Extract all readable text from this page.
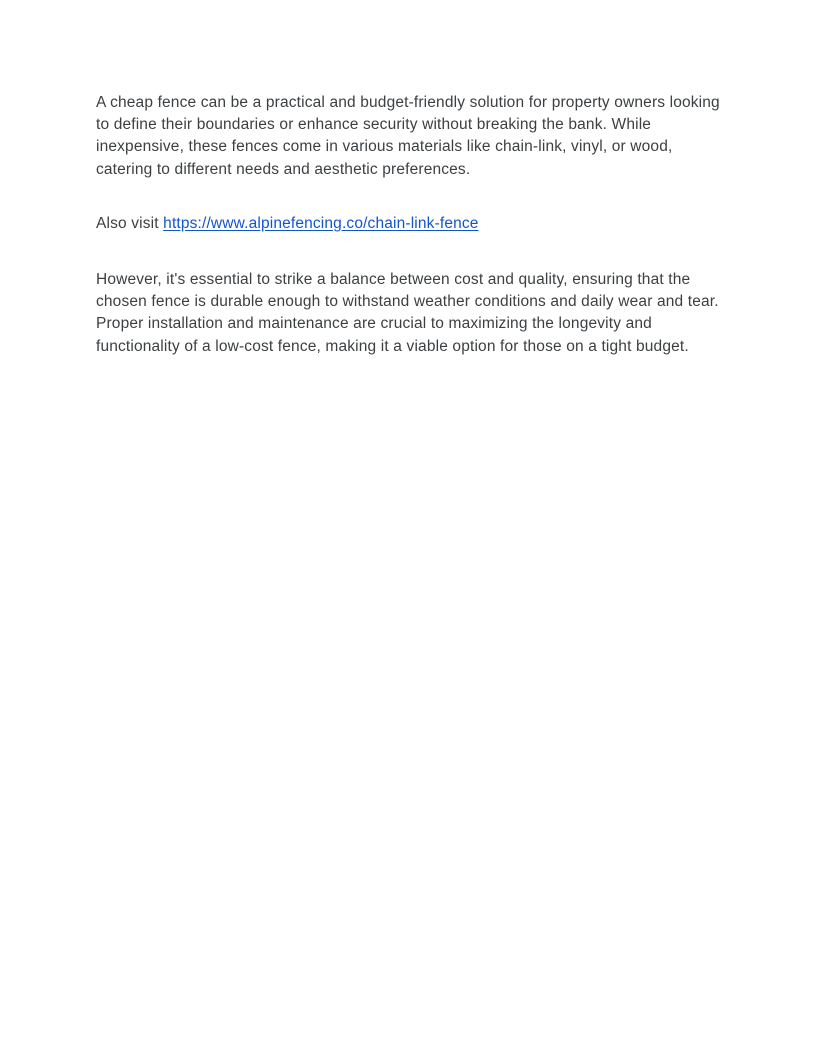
A cheap fence can be a practical and budget-friendly solution for property owners looking to define their boundaries or enhance security without breaking the bank. While inexpensive, these fences come in various materials like chain-link, vinyl, or wood, catering to different needs and aesthetic preferences.

Also visit https://www.alpinefencing.co/chain-link-fence

However, it's essential to strike a balance between cost and quality, ensuring that the chosen fence is durable enough to withstand weather conditions and daily wear and tear. Proper installation and maintenance are crucial to maximizing the longevity and functionality of a low-cost fence, making it a viable option for those on a tight budget.
